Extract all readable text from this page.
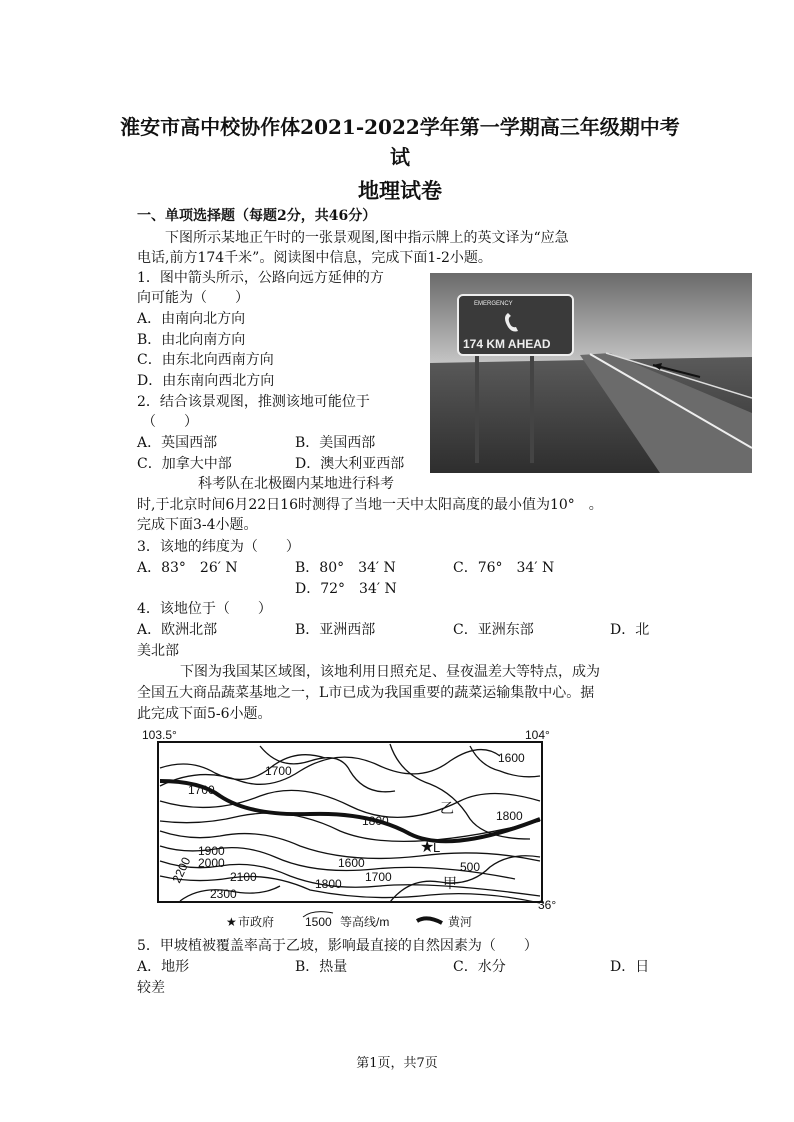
淮安市高中校协作体2021-2022学年第一学期高三年级期中考
试
地理试卷
一、单项选择题（每题2分，共46分）
下图所示某地正午时的一张景观图,图中指示牌上的英文译为“应急
电话,前方174千米”。阅读图中信息，完成下面1-2小题。
1．图中箭头所示，公路向远方延伸的方
向可能为（　　）
A．由南向北方向
B．由北向南方向
C．由东北向西南方向
D．由东南向西北方向
2．结合该景观图，推测该地可能位于
（　　）
A．英国西部	B．美国西部
C．加拿大中部	D．澳大利亚西部
EMERGENCY
174 KM AHEAD
科考队在北极圈内某地进行科考
时,于北京时间6月22日16时测得了当地一天中太阳高度的最小值为10°　。
完成下面3-4小题。
3．该地的纬度为（　　）
A．83°　26′ N	B．80°　34′ N	C．76°　34′ N
D．72°　34′ N
4．该地位于（　　）
A．欧洲北部	B．亚洲西部	C．亚洲东部	D．北
美北部
下图为我国某区域图，该地利用日照充足、昼夜温差大等特点，成为
全国五大商品蔬菜基地之一，L市已成为我国重要的蔬菜运输集散中心。据
此完成下面5-6小题。
103.5°	104°
36°
1700
1700
1600
1800	1800
1900
2000
2100
2200
2300
1800
1600
1700
500
乙
甲
★
L
★ 市政府	1500 等高线/m	黄河
5．甲坡植被覆盖率高于乙坡，影响最直接的自然因素为（　　）
A．地形	B．热量	C．水分	D．日
较差
第1页，共7页
